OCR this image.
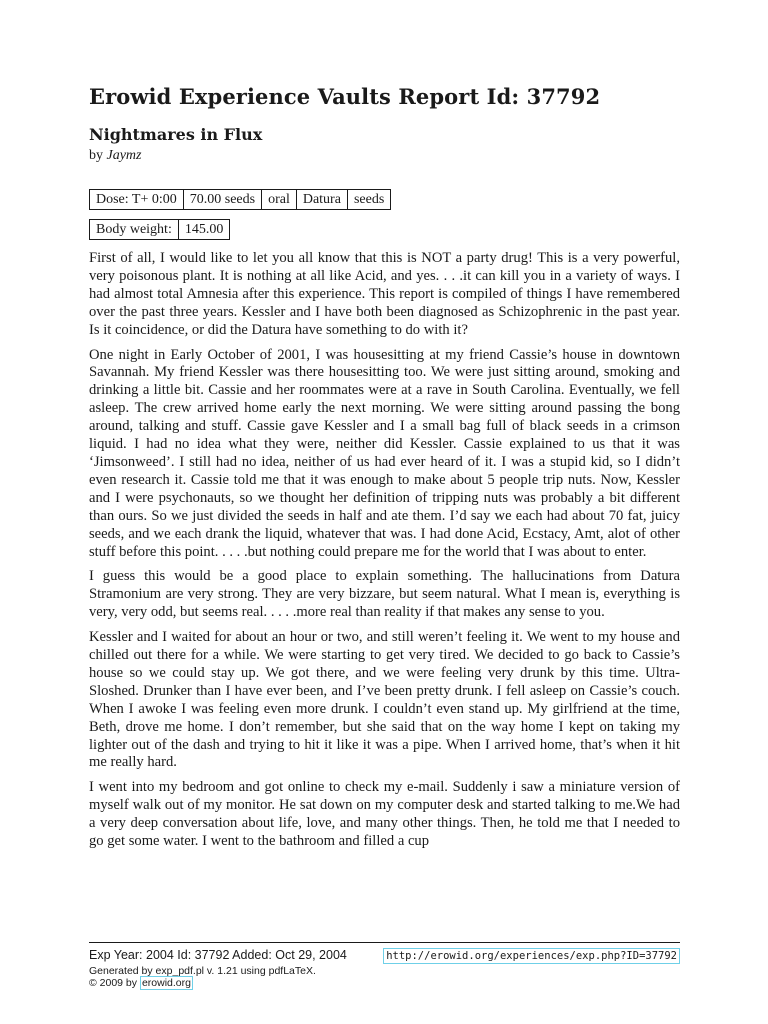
Erowid Experience Vaults Report Id: 37792
Nightmares in Flux
by Jaymz
Dose: T+ 0:00	70.00 seeds	oral	Datura	seeds
Body weight:	145.00

First of all, I would like to let you all know that this is NOT a party drug! This is a very powerful, very poisonous plant. It is nothing at all like Acid, and yes. . . .it can kill you in a variety of ways. I had almost total Amnesia after this experience. This report is compiled of things I have remembered over the past three years. Kessler and I have both been diagnosed as Schizophrenic in the past year. Is it coincidence, or did the Datura have something to do with it?

One night in Early October of 2001, I was housesitting at my friend Cassie’s house in downtown Savannah. My friend Kessler was there housesitting too. We were just sitting around, smoking and drinking a little bit. Cassie and her roommates were at a rave in South Carolina. Eventually, we fell asleep. The crew arrived home early the next morning. We were sitting around passing the bong around, talking and stuff. Cassie gave Kessler and I a small bag full of black seeds in a crimson liquid. I had no idea what they were, neither did Kessler. Cassie explained to us that it was ‘Jimsonweed’. I still had no idea, neither of us had ever heard of it. I was a stupid kid, so I didn’t even research it. Cassie told me that it was enough to make about 5 people trip nuts. Now, Kessler and I were psychonauts, so we thought her definition of tripping nuts was probably a bit different than ours. So we just divided the seeds in half and ate them. I’d say we each had about 70 fat, juicy seeds, and we each drank the liquid, whatever that was. I had done Acid, Ecstacy, Amt, alot of other stuff before this point. . . . .but nothing could prepare me for the world that I was about to enter.

I guess this would be a good place to explain something. The hallucinations from Datura Stramonium are very strong. They are very bizzare, but seem natural. What I mean is, everything is very, very odd, but seems real. . . . .more real than reality if that makes any sense to you.

Kessler and I waited for about an hour or two, and still weren’t feeling it. We went to my house and chilled out there for a while. We were starting to get very tired. We decided to go back to Cassie’s house so we could stay up. We got there, and we were feeling very drunk by this time. Ultra-Sloshed. Drunker than I have ever been, and I’ve been pretty drunk. I fell asleep on Cassie’s couch. When I awoke I was feeling even more drunk. I couldn’t even stand up. My girlfriend at the time, Beth, drove me home. I don’t remember, but she said that on the way home I kept on taking my lighter out of the dash and trying to hit it like it was a pipe. When I arrived home, that’s when it hit me really hard.

I went into my bedroom and got online to check my e-mail. Suddenly i saw a miniature version of myself walk out of my monitor. He sat down on my computer desk and started talking to me.We had a very deep conversation about life, love, and many other things. Then, he told me that I needed to go get some water. I went to the bathroom and filled a cup

Exp Year: 2004 Id: 37792 Added: Oct 29, 2004
Generated by exp_pdf.pl v. 1.21 using pdfLaTeX.
© 2009 by erowid.org
http://erowid.org/experiences/exp.php?ID=37792
